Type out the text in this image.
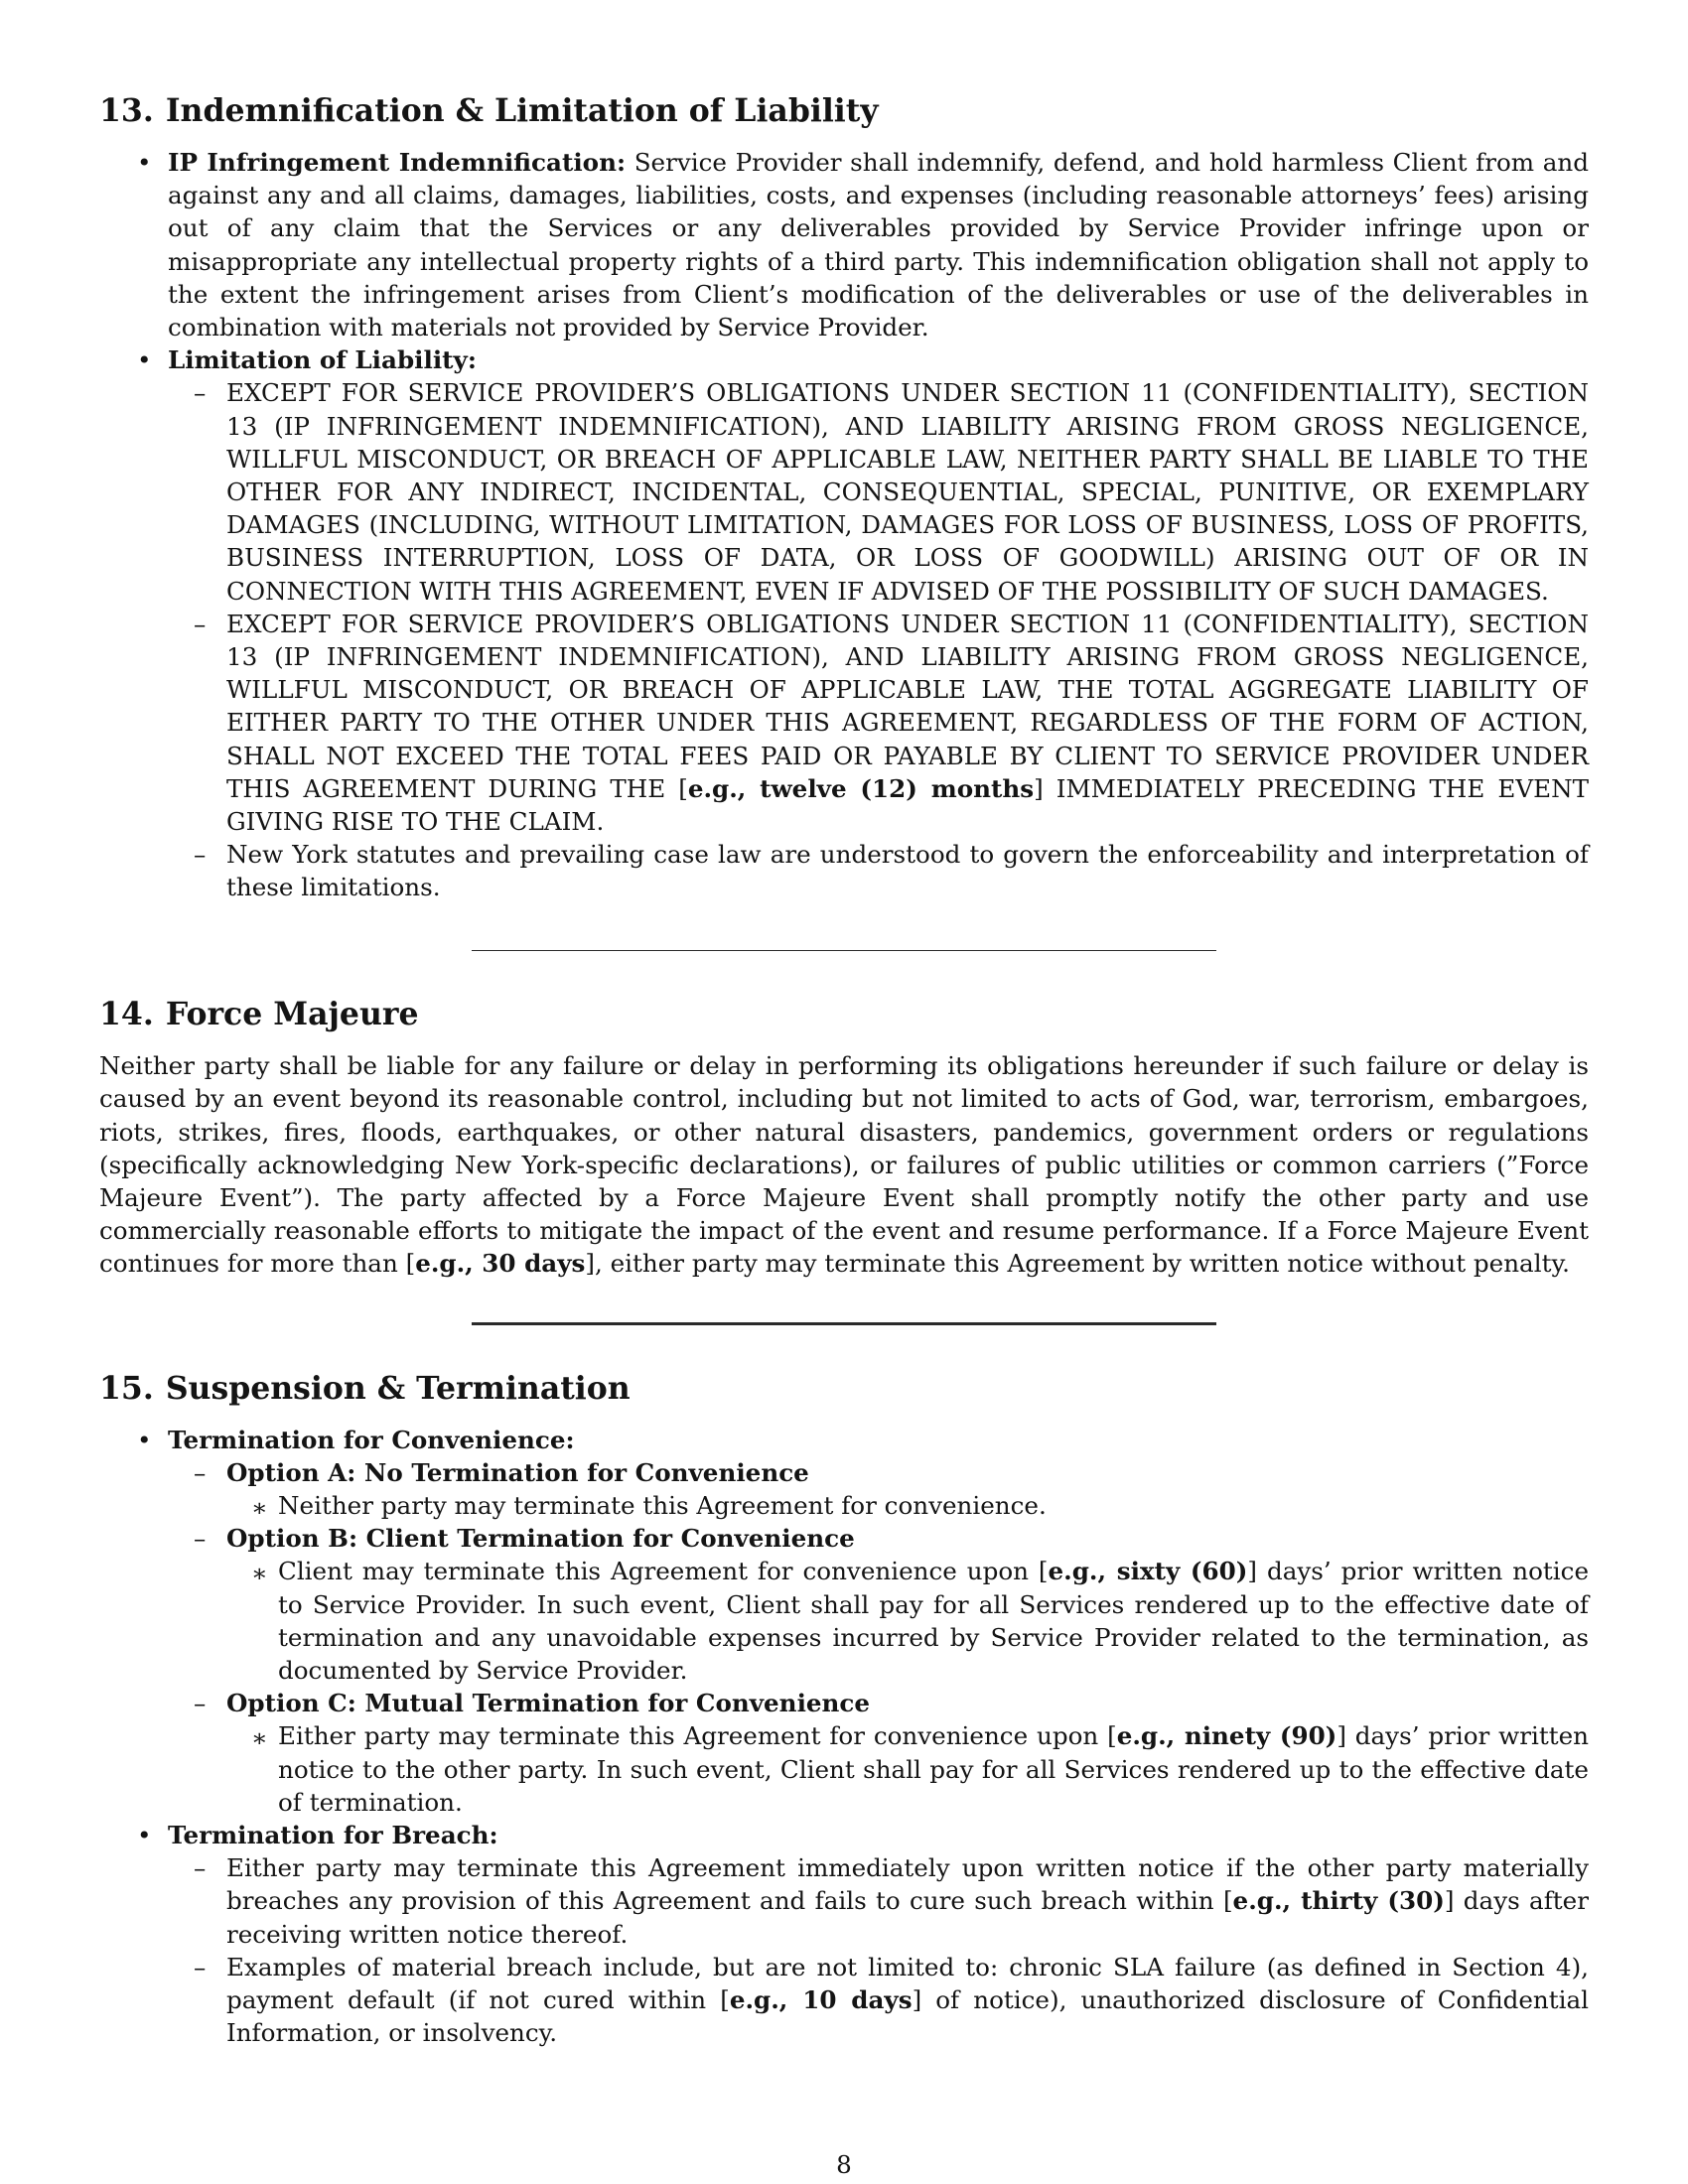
13. Indemnification & Limitation of Liability
• IP Infringement Indemnification: Service Provider shall indemnify, defend, and hold harmless Client from and against any and all claims, damages, liabilities, costs, and expenses (including reasonable attorneys’ fees) arising out of any claim that the Services or any deliverables provided by Service Provider infringe upon or misappropriate any intellectual property rights of a third party. This indemnification obligation shall not apply to the extent the infringement arises from Client’s modification of the deliverables or use of the deliverables in combination with materials not provided by Service Provider.
• Limitation of Liability:
– EXCEPT FOR SERVICE PROVIDER’S OBLIGATIONS UNDER SECTION 11 (CONFIDENTIALITY), SECTION 13 (IP INFRINGEMENT INDEMNIFICATION), AND LIABILITY ARISING FROM GROSS NEGLIGENCE, WILLFUL MISCONDUCT, OR BREACH OF APPLICABLE LAW, NEITHER PARTY SHALL BE LIABLE TO THE OTHER FOR ANY INDIRECT, INCIDENTAL, CONSEQUENTIAL, SPECIAL, PUNITIVE, OR EXEMPLARY DAMAGES (INCLUDING, WITHOUT LIMITATION, DAMAGES FOR LOSS OF BUSINESS, LOSS OF PROFITS, BUSINESS INTERRUPTION, LOSS OF DATA, OR LOSS OF GOODWILL) ARISING OUT OF OR IN CONNECTION WITH THIS AGREEMENT, EVEN IF ADVISED OF THE POSSIBILITY OF SUCH DAMAGES.
– EXCEPT FOR SERVICE PROVIDER’S OBLIGATIONS UNDER SECTION 11 (CONFIDENTIALITY), SECTION 13 (IP INFRINGEMENT INDEMNIFICATION), AND LIABILITY ARISING FROM GROSS NEGLIGENCE, WILLFUL MISCONDUCT, OR BREACH OF APPLICABLE LAW, THE TOTAL AGGREGATE LIABILITY OF EITHER PARTY TO THE OTHER UNDER THIS AGREEMENT, REGARDLESS OF THE FORM OF ACTION, SHALL NOT EXCEED THE TOTAL FEES PAID OR PAYABLE BY CLIENT TO SERVICE PROVIDER UNDER THIS AGREEMENT DURING THE [e.g., twelve (12) months] IMMEDIATELY PRECEDING THE EVENT GIVING RISE TO THE CLAIM.
– New York statutes and prevailing case law are understood to govern the enforceability and interpretation of these limitations.
14. Force Majeure

Neither party shall be liable for any failure or delay in performing its obligations hereunder if such failure or delay is caused by an event beyond its reasonable control, including but not limited to acts of God, war, terrorism, embargoes, riots, strikes, fires, floods, earthquakes, or other natural disasters, pandemics, government orders or regulations (specifically acknowledging New York-specific declarations), or failures of public utilities or common carriers (”Force Majeure Event”). The party affected by a Force Majeure Event shall promptly notify the other party and use commercially reasonable efforts to mitigate the impact of the event and resume performance. If a Force Majeure Event continues for more than [e.g., 30 days], either party may terminate this Agreement by written notice without penalty.

15. Suspension & Termination
• Termination for Convenience:
– Option A: No Termination for Convenience
∗ Neither party may terminate this Agreement for convenience.
– Option B: Client Termination for Convenience
∗ Client may terminate this Agreement for convenience upon [e.g., sixty (60)] days’ prior written notice to Service Provider. In such event, Client shall pay for all Services rendered up to the effective date of termination and any unavoidable expenses incurred by Service Provider related to the termination, as documented by Service Provider.
– Option C: Mutual Termination for Convenience
∗ Either party may terminate this Agreement for convenience upon [e.g., ninety (90)] days’ prior written notice to the other party. In such event, Client shall pay for all Services rendered up to the effective date of termination.
• Termination for Breach:
– Either party may terminate this Agreement immediately upon written notice if the other party materially breaches any provision of this Agreement and fails to cure such breach within [e.g., thirty (30)] days after receiving written notice thereof.
– Examples of material breach include, but are not limited to: chronic SLA failure (as defined in Section 4), payment default (if not cured within [e.g., 10 days] of notice), unauthorized disclosure of Confidential Information, or insolvency.
8
